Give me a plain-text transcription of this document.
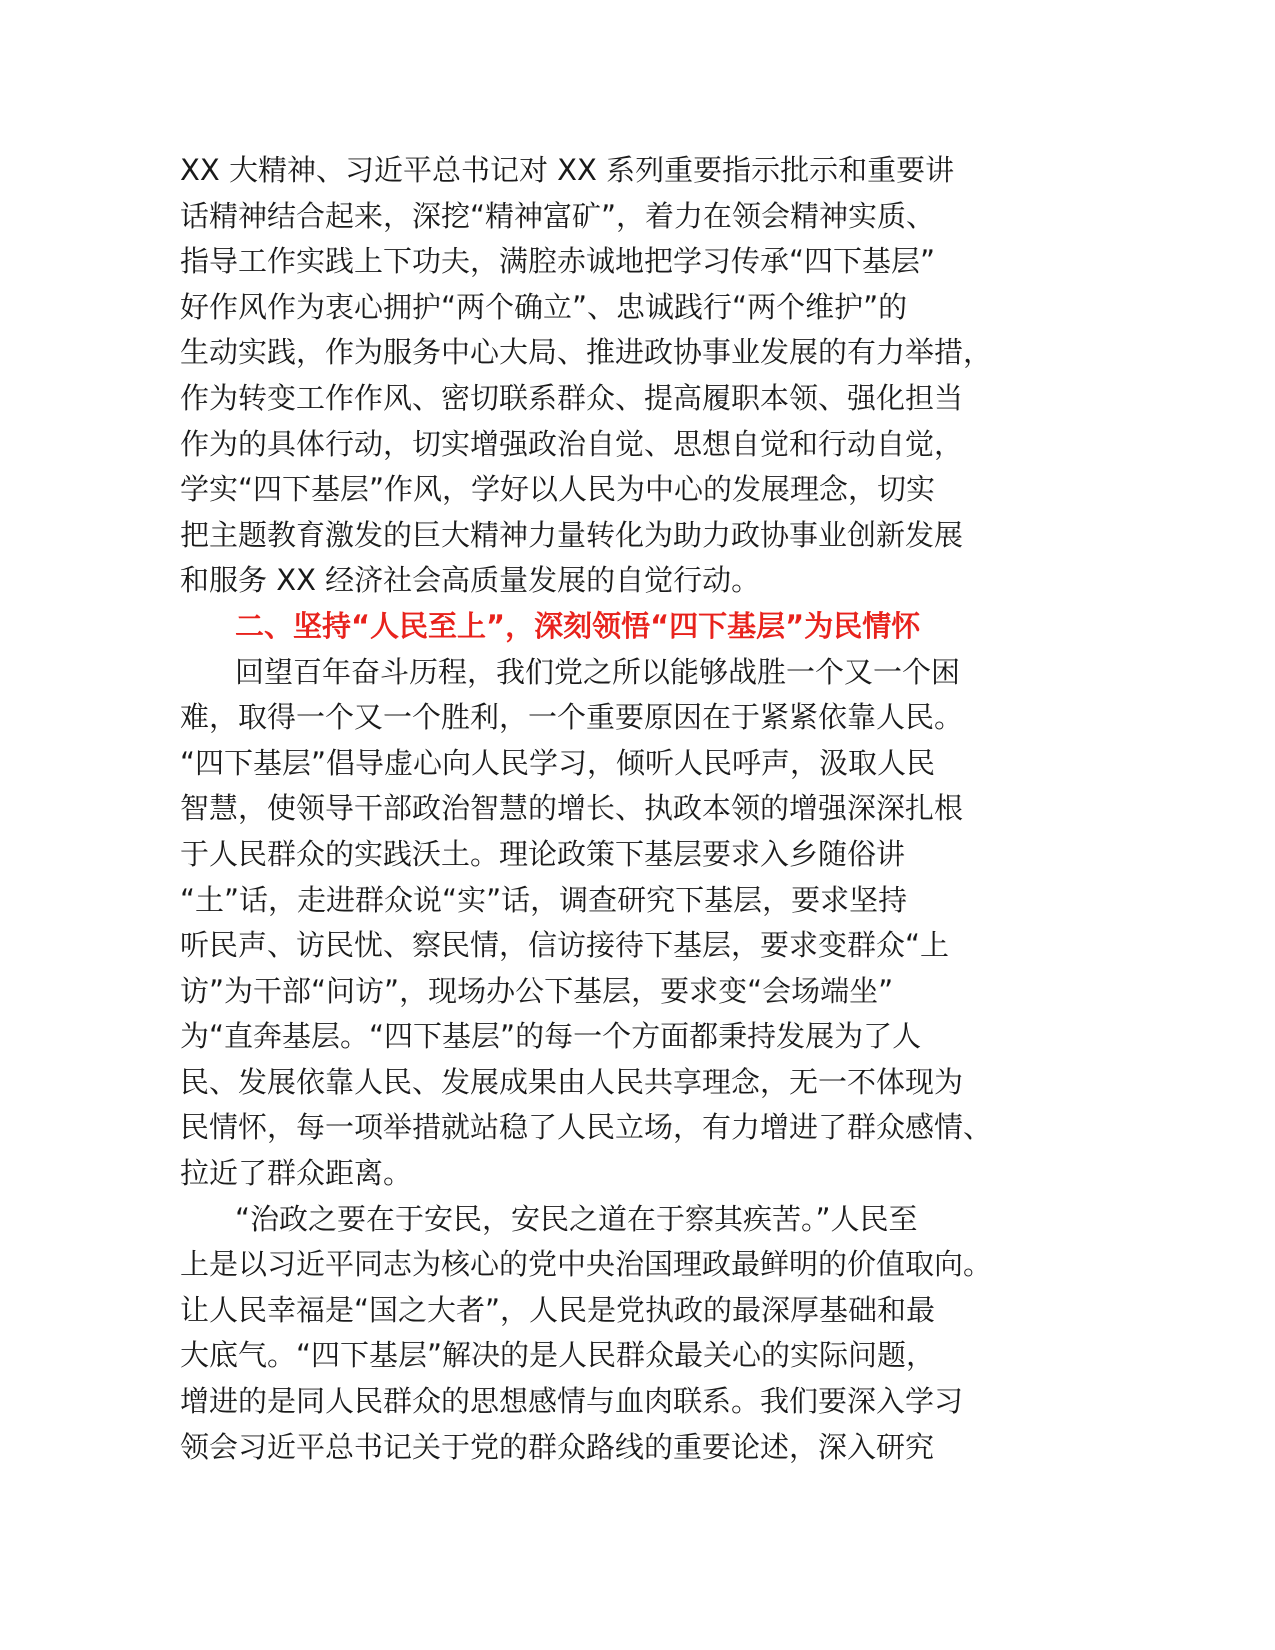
XX 大精神、习近平总书记对 XX 系列重要指示批示和重要讲
话精神结合起来，深挖“精神富矿”，着力在领会精神实质、
指导工作实践上下功夫，满腔赤诚地把学习传承“四下基层”
好作风作为衷心拥护“两个确立”、忠诚践行“两个维护”的
生动实践，作为服务中心大局、推进政协事业发展的有力举措，
作为转变工作作风、密切联系群众、提高履职本领、强化担当
作为的具体行动，切实增强政治自觉、思想自觉和行动自觉，
学实“四下基层”作风，学好以人民为中心的发展理念，切实
把主题教育激发的巨大精神力量转化为助力政协事业创新发展
和服务 XX 经济社会高质量发展的自觉行动。
二、坚持“人民至上”，深刻领悟“四下基层”为民情怀
回望百年奋斗历程，我们党之所以能够战胜一个又一个困
难，取得一个又一个胜利，一个重要原因在于紧紧依靠人民。
“四下基层”倡导虚心向人民学习，倾听人民呼声，汲取人民
智慧，使领导干部政治智慧的增长、执政本领的增强深深扎根
于人民群众的实践沃土。理论政策下基层要求入乡随俗讲
“土”话，走进群众说“实”话，调查研究下基层，要求坚持
听民声、访民忧、察民情，信访接待下基层，要求变群众“上
访”为干部“问访”，现场办公下基层，要求变“会场端坐”
为“直奔基层。“四下基层”的每一个方面都秉持发展为了人
民、发展依靠人民、发展成果由人民共享理念，无一不体现为
民情怀，每一项举措就站稳了人民立场，有力增进了群众感情、
拉近了群众距离。
“治政之要在于安民，安民之道在于察其疾苦。”人民至
上是以习近平同志为核心的党中央治国理政最鲜明的价值取向。
让人民幸福是“国之大者”，人民是党执政的最深厚基础和最
大底气。“四下基层”解决的是人民群众最关心的实际问题，
增进的是同人民群众的思想感情与血肉联系。我们要深入学习
领会习近平总书记关于党的群众路线的重要论述，深入研究
